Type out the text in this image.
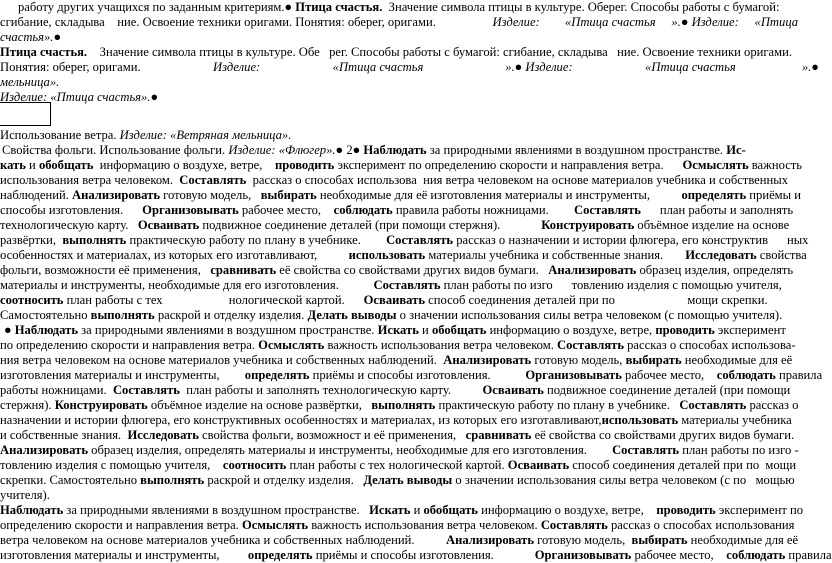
работу других учащихся по заданным критериям.● Птица счастья.  Значение символа птицы в культуре. Оберег. Способы работы с бумагой:
сгибание, складыва    ние. Освоение техники оригами. Понятия: оберег, оригами.                  Изделие:        «Птица счастья     ».● Изделие:     «Птица
счастья».●
Птица счастья.    Значение символа птицы в культуре. Обе   рег. Способы работы с бумагой: сгибание, складыва   ние. Освоение техники оригами.
Понятия: оберег, оригами.                       Изделие:                       «Птица счастья                          ».● Изделие:                       «Птица счастья                     ».●
мельница».
Изделие: «Птица счастья».●
Использование ветра. Изделие: «Ветряная мельница».
Свойства фольги. Использование фольги. Изделие: «Флюгер».● 2● Наблюдать за природными явлениями в воздушном пространстве. Ис-
кать и обобщать  информацию о воздухе, ветре,    проводить эксперимент по определению скорости и направления ветра.      Осмыслять важность
использования ветра человеком.  Составлять  рассказ о способах использова  ния ветра человеком на основе материалов учебника и собственных
наблюдений. Анализировать готовую модель,   выбирать необходимые для её изготовления материалы и инструменты,          определять приёмы и
способы изготовления.      Организовывать рабочее место,    соблюдать правила работы ножницами.        Составлять      план работы и заполнять
технологическую карту.   Осваивать подвижное соединение деталей (при помощи стержня).             Конструировать объёмное изделие на основе
развёртки,  выполнять практическую работу по плану в учебнике.        Составлять рассказ о назначении и истории флюгера, его конструктив      ных
особенностях и материалах, из которых его изготавливают,          использовать материалы учебника и собственные знания.       Исследовать свойства
фольги, возможности её применения,   сравнивать её свойства со свойствами других видов бумаги.   Анализировать образец изделия, определять
материалы и инструменты, необходимые для его изготовления.           Составлять план работы по изго      товлению изделия с помощью учителя,
соотносить план работы с тех                     нологической картой.      Осваивать способ соединения деталей при по                       мощи скрепки.
Самостоятельно выполнять раскрой и отделку изделия. Делать выводы о значении использования силы ветра человеком (с помощью учителя).
● Наблюдать за природными явлениями в воздушном пространстве. Искать и обобщать информацию о воздухе, ветре, проводить эксперимент
по определению скорости и направления ветра. Осмыслять важность использования ветра человеком. Составлять рассказ о способах использова-
ния ветра человеком на основе материалов учебника и собственных наблюдений.  Анализировать готовую модель, выбирать необходимые для её
изготовления материалы и инструменты,        определять приёмы и способы изготовления.           Организовывать рабочее место,    соблюдать правила
работы ножницами.  Составлять  план работы и заполнять технологическую карту.          Осваивать подвижное соединение деталей (при помощи
стержня). Конструировать объёмное изделие на основе развёртки,   выполнять практическую работу по плану в учебнике.   Составлять рассказ о
назначении и истории флюгера, его конструктивных особенностях и материалах, из которых его изготавливают,использовать материалы учебника
и собственные знания.  Исследовать свойства фольги, возможност и её применения,   сравнивать её свойства со свойствами других видов бумаги.
Анализировать образец изделия, определять материалы и инструменты, необходимые для его изготовления.        Составлять план работы по изго -
товлению изделия с помощью учителя,    соотносить план работы с тех нологической картой. Осваивать способ соединения деталей при по  мощи
скрепки. Самостоятельно выполнять раскрой и отделку изделия.   Делать выводы о значении использования силы ветра человеком (с по   мощью
учителя).
Наблюдать за природными явлениями в воздушном пространстве.   Искать и обобщать информацию о воздухе, ветре,    проводить эксперимент по
определению скорости и направления ветра. Осмыслять важность использования ветра человеком. Составлять рассказ о способах использования
ветра человеком на основе материалов учебника и собственных наблюдений.          Анализировать готовую модель,  выбирать необходимые для её
изготовления материалы и инструменты,         определять приёмы и способы изготовления.             Организовывать рабочее место,    соблюдать правила
